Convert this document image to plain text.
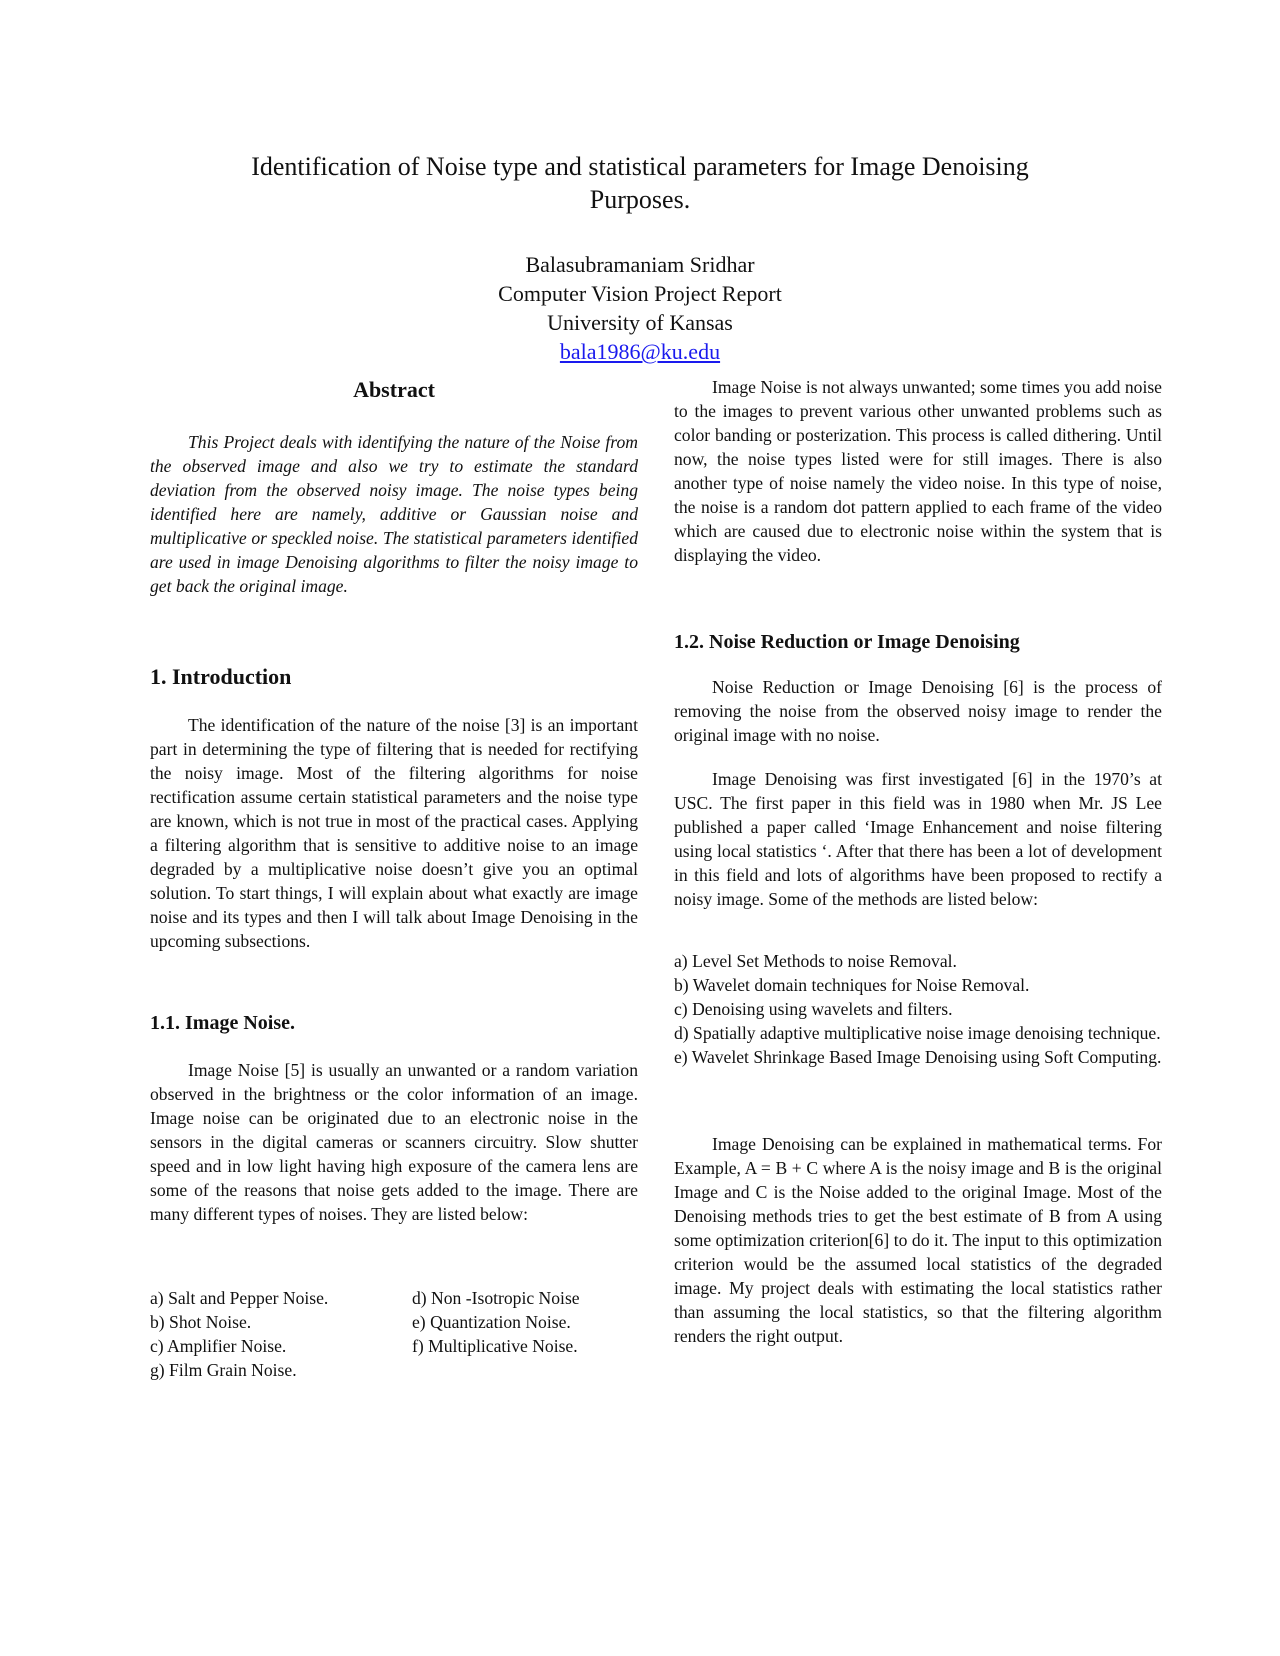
Identification of Noise type and statistical parameters for Image Denoising
Purposes.
Balasubramaniam Sridhar
Computer Vision Project Report
University of Kansas
bala1986@ku.edu
Abstract

This Project deals with identifying the nature of the Noise from the observed image and also we try to estimate the standard deviation from the observed noisy image. The noise types being identified here are namely, additive or Gaussian noise and multiplicative or speckled noise. The statistical parameters identified are used in image Denoising algorithms to filter the noisy image to get back the original image.

1. Introduction

The identification of the nature of the noise [3] is an important part in determining the type of filtering that is needed for rectifying the noisy image. Most of the filtering algorithms for noise rectification assume certain statistical parameters and the noise type are known, which is not true in most of the practical cases. Applying a filtering algorithm that is sensitive to additive noise to an image degraded by a multiplicative noise doesn’t give you an optimal solution. To start things, I will explain about what exactly are image noise and its types and then I will talk about Image Denoising in the upcoming subsections.

1.1. Image Noise.

Image Noise [5] is usually an unwanted or a random variation observed in the brightness or the color information of an image. Image noise can be originated due to an electronic noise in the sensors in the digital cameras or scanners circuitry. Slow shutter speed and in low light having high exposure of the camera lens are some of the reasons that noise gets added to the image. There are many different types of noises. They are listed below:

a) Salt and Pepper Noise.	d) Non -Isotropic Noise
b) Shot Noise.	e) Quantization Noise.
c) Amplifier Noise.	f) Multiplicative Noise.
g) Film Grain Noise.

Image Noise is not always unwanted; some times you add noise to the images to prevent various other unwanted problems such as color banding or posterization. This process is called dithering. Until now, the noise types listed were for still images. There is also another type of noise namely the video noise. In this type of noise, the noise is a random dot pattern applied to each frame of the video which are caused due to electronic noise within the system that is displaying the video.

1.2. Noise Reduction or Image Denoising

Noise Reduction or Image Denoising [6] is the process of removing the noise from the observed noisy image to render the original image with no noise.

Image Denoising was first investigated [6] in the 1970’s at USC. The first paper in this field was in 1980 when Mr. JS Lee published a paper called ‘Image Enhancement and noise filtering using local statistics ‘. After that there has been a lot of development in this field and lots of algorithms have been proposed to rectify a noisy image. Some of the methods are listed below:

a) Level Set Methods to noise Removal.
b) Wavelet domain techniques for Noise Removal.
c) Denoising using wavelets and filters.
d) Spatially adaptive multiplicative noise image denoising technique.
e) Wavelet Shrinkage Based Image Denoising using Soft Computing.

Image Denoising can be explained in mathematical terms. For Example, A = B + C where A is the noisy image and B is the original Image and C is the Noise added to the original Image. Most of the Denoising methods tries to get the best estimate of B from A using some optimization criterion[6] to do it. The input to this optimization criterion would be the assumed local statistics of the degraded image. My project deals with estimating the local statistics rather than assuming the local statistics, so that the filtering algorithm renders the right output.
